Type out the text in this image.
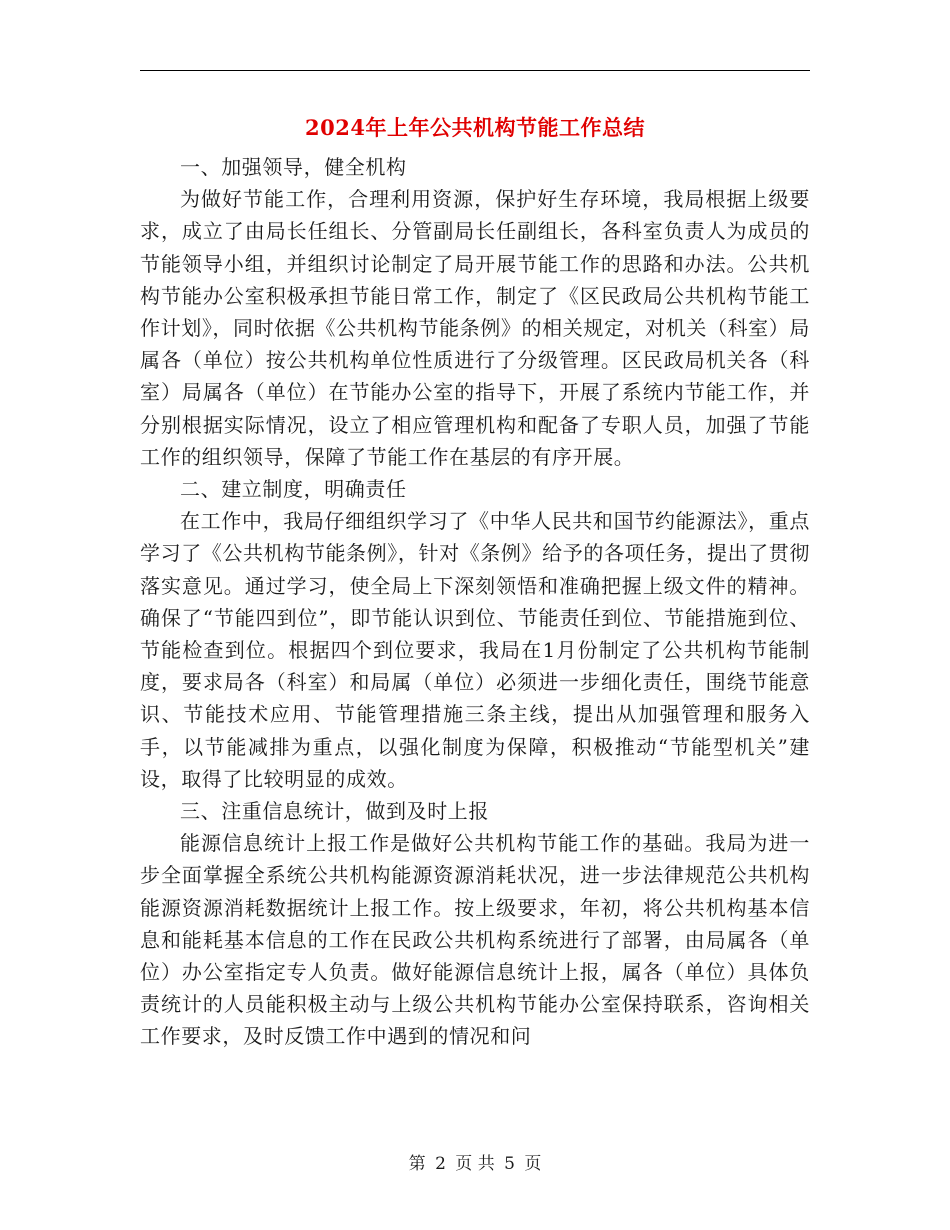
2024年上年公共机构节能工作总结

一、加强领导，健全机构

为做好节能工作，合理利用资源，保护好生存环境，我局根据上级要求，成立了由局长任组长、分管副局长任副组长，各科室负责人为成员的节能领导小组，并组织讨论制定了局开展节能工作的思路和办法。公共机构节能办公室积极承担节能日常工作，制定了《区民政局公共机构节能工作计划》，同时依据《公共机构节能条例》的相关规定，对机关（科室）局属各（单位）按公共机构单位性质进行了分级管理。区民政局机关各（科室）局属各（单位）在节能办公室的指导下，开展了系统内节能工作，并分别根据实际情况，设立了相应管理机构和配备了专职人员，加强了节能工作的组织领导，保障了节能工作在基层的有序开展。

二、建立制度，明确责任

在工作中，我局仔细组织学习了《中华人民共和国节约能源法》，重点学习了《公共机构节能条例》，针对《条例》给予的各项任务，提出了贯彻落实意见。通过学习，使全局上下深刻领悟和准确把握上级文件的精神。确保了“节能四到位”，即节能认识到位、节能责任到位、节能措施到位、节能检查到位。根据四个到位要求，我局在1月份制定了公共机构节能制度，要求局各（科室）和局属（单位）必须进一步细化责任，围绕节能意识、节能技术应用、节能管理措施三条主线，提出从加强管理和服务入手，以节能减排为重点，以强化制度为保障，积极推动“节能型机关”建设，取得了比较明显的成效。

三、注重信息统计，做到及时上报

能源信息统计上报工作是做好公共机构节能工作的基础。我局为进一步全面掌握全系统公共机构能源资源消耗状况，进一步法律规范公共机构能源资源消耗数据统计上报工作。按上级要求，年初，将公共机构基本信息和能耗基本信息的工作在民政公共机构系统进行了部署，由局属各（单位）办公室指定专人负责。做好能源信息统计上报，属各（单位）具体负责统计的人员能积极主动与上级公共机构节能办公室保持联系，咨询相关工作要求，及时反馈工作中遇到的情况和问

第 2 页 共 5 页
